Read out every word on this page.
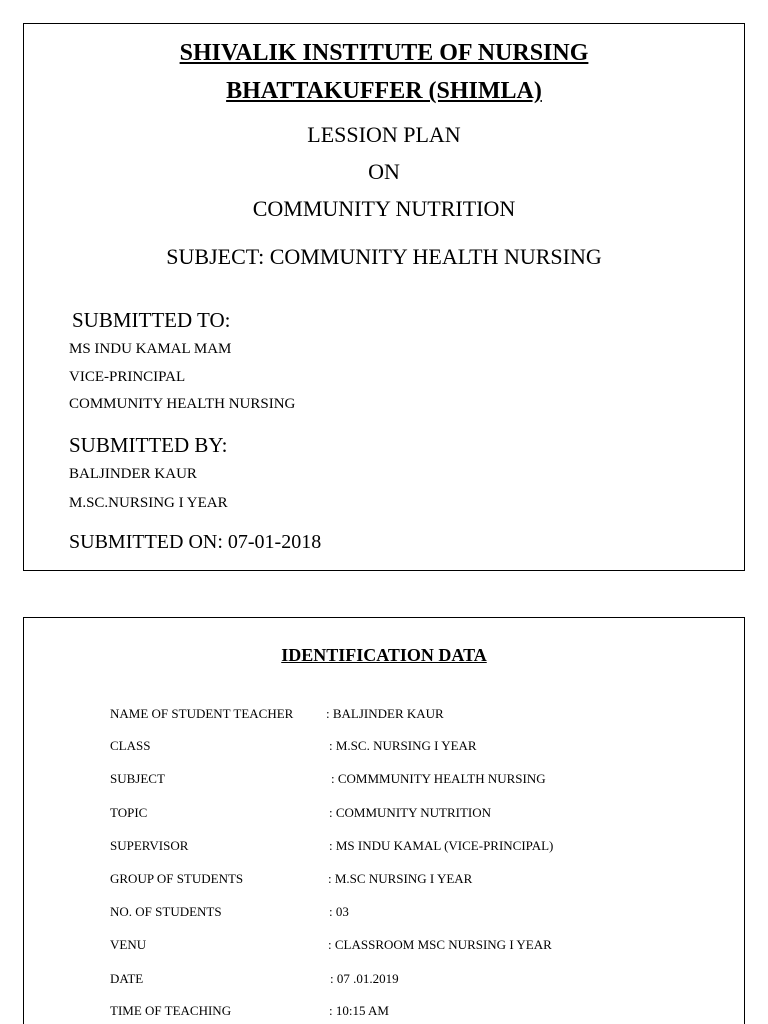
SHIVALIK INSTITUTE OF NURSING
BHATTAKUFFER (SHIMLA)
LESSION PLAN
ON
COMMUNITY NUTRITION
SUBJECT: COMMUNITY HEALTH NURSING
SUBMITTED TO:
MS INDU KAMAL MAM
VICE-PRINCIPAL
COMMUNITY HEALTH NURSING
SUBMITTED BY:
BALJINDER KAUR
M.SC.NURSING I YEAR
SUBMITTED ON: 07-01-2018
IDENTIFICATION DATA
NAME OF STUDENT TEACHER	: BALJINDER KAUR
CLASS	: M.SC. NURSING I YEAR
SUBJECT	: COMMMUNITY HEALTH NURSING
TOPIC	: COMMUNITY NUTRITION
SUPERVISOR	: MS INDU KAMAL (VICE-PRINCIPAL)
GROUP OF STUDENTS	: M.SC NURSING I YEAR
NO. OF STUDENTS	: 03
VENU	: CLASSROOM MSC NURSING I YEAR
DATE	: 07 .01.2019
TIME OF TEACHING	: 10:15 AM
